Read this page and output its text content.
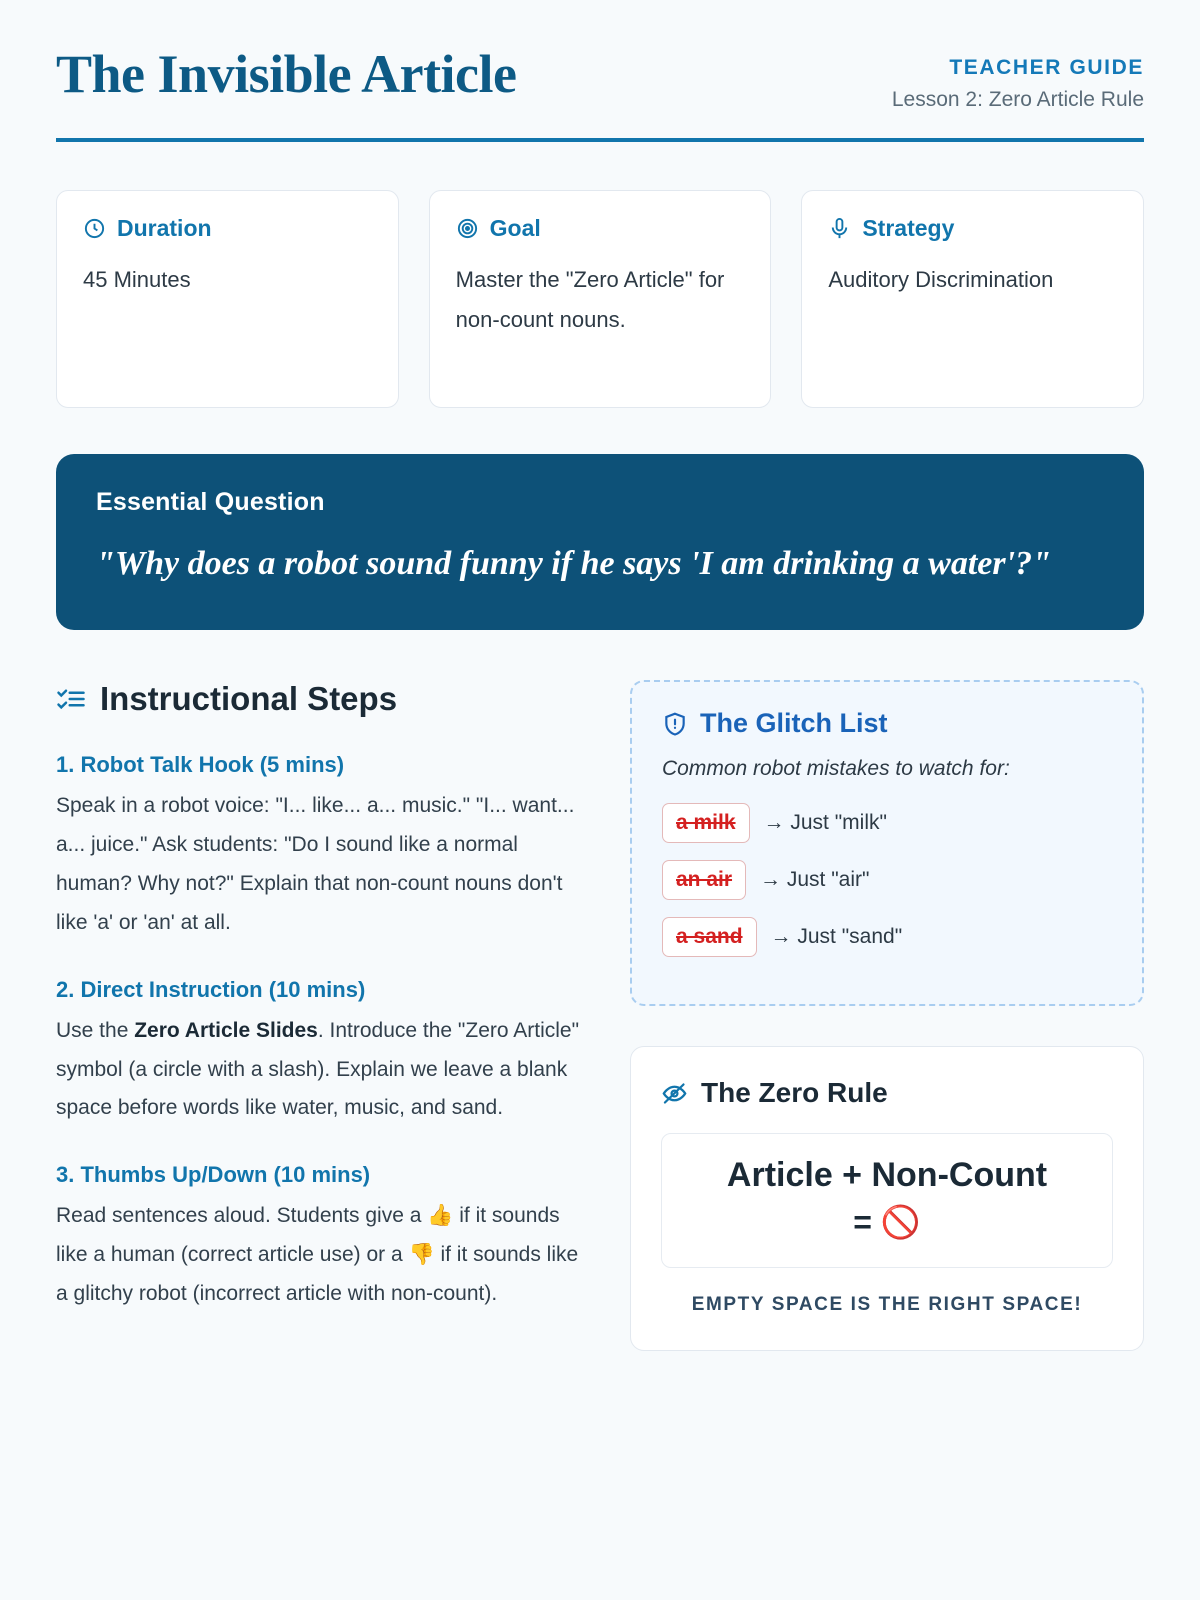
The Invisible Article	TEACHER GUIDE
Lesson 2: Zero Article Rule
Duration
45 Minutes
Goal
Master the "Zero Article" for non-count nouns.
Strategy
Auditory Discrimination
Essential Question
"Why does a robot sound funny if he says 'I am drinking a water'?"
Instructional Steps
1. Robot Talk Hook (5 mins)
Speak in a robot voice: "I... like... a... music." "I... want... a... juice." Ask students: "Do I sound like a normal human? Why not?" Explain that non-count nouns don't like 'a' or 'an' at all.
2. Direct Instruction (10 mins)
Use the Zero Article Slides. Introduce the "Zero Article" symbol (a circle with a slash). Explain we leave a blank space before words like water, music, and sand.
3. Thumbs Up/Down (10 mins)
Read sentences aloud. Students give a 👍 if it sounds like a human (correct article use) or a 👎 if it sounds like a glitchy robot (incorrect article with non-count).
The Glitch List
Common robot mistakes to watch for:
a milk	→ Just "milk"
an air	→ Just "air"
a sand	→ Just "sand"
The Zero Rule
Article + Non-Count
= 🚫
EMPTY SPACE IS THE RIGHT SPACE!
